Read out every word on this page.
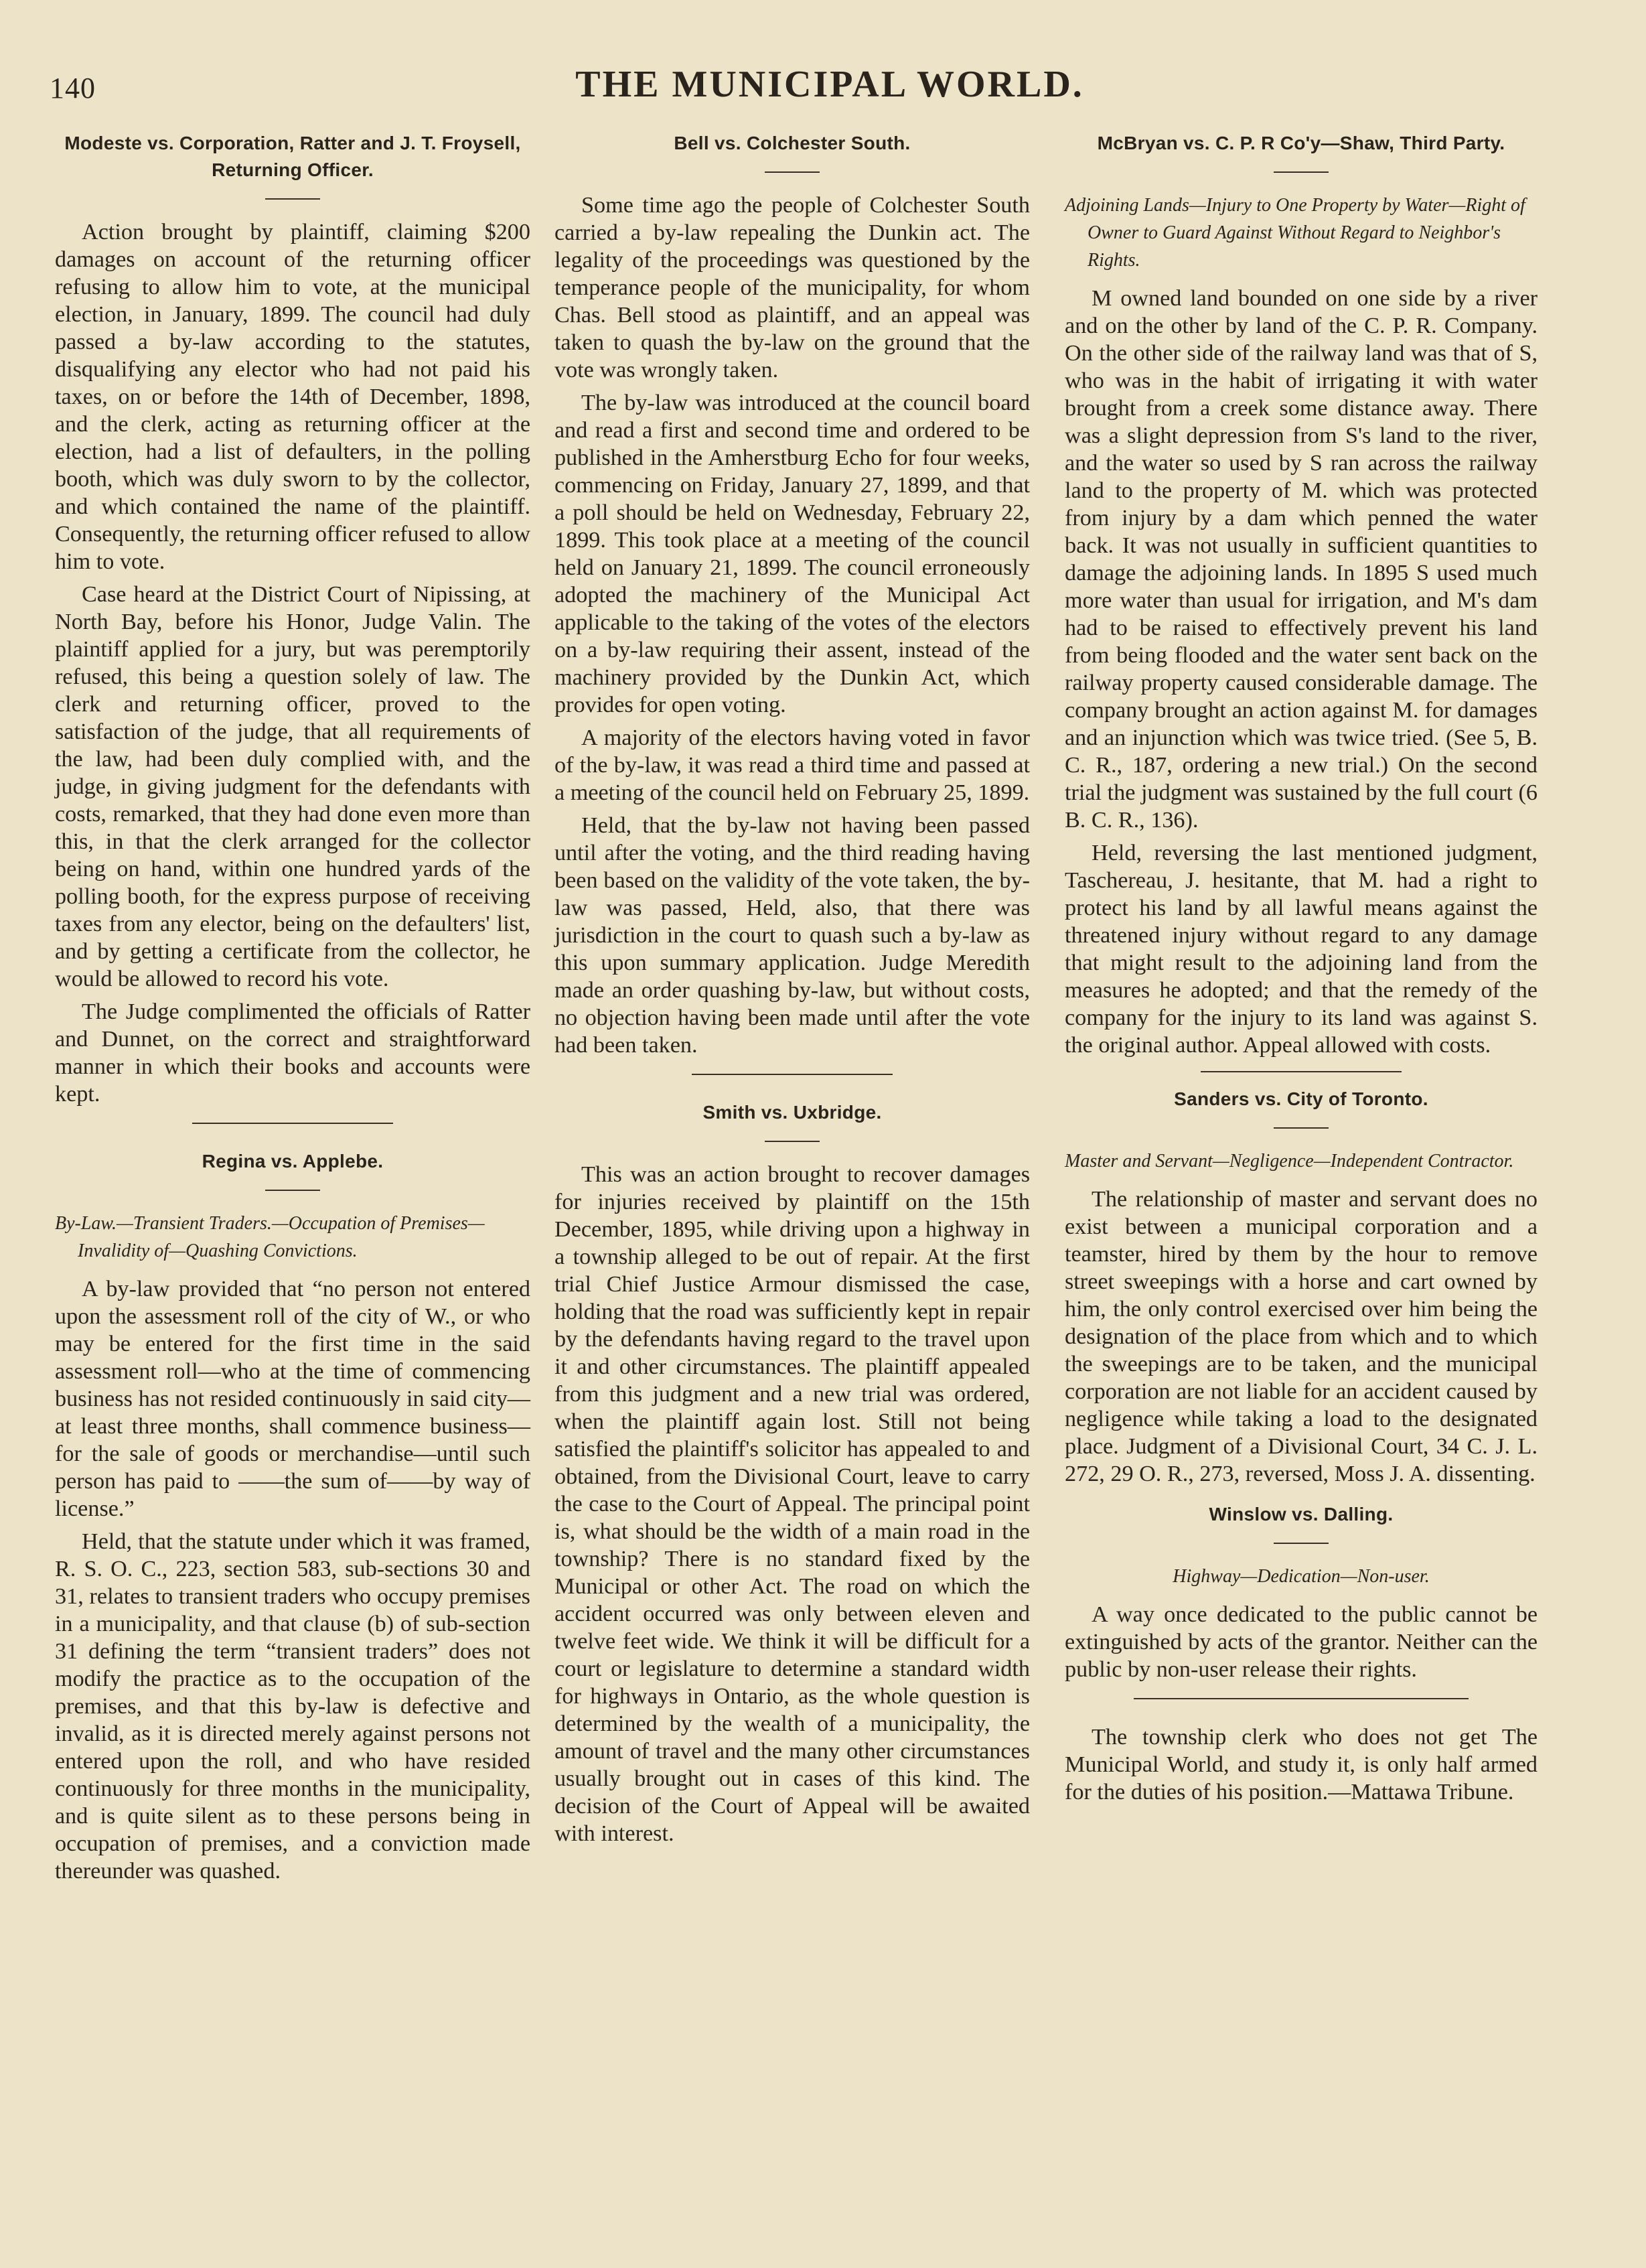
140	THE MUNICIPAL WORLD.
Modeste vs. Corporation, Ratter and J. T. Froysell, Returning Officer.

Action brought by plaintiff, claiming $200 damages on account of the returning officer refusing to allow him to vote, at the municipal election, in January, 1899. The council had duly passed a by-law according to the statutes, disqualifying any elector who had not paid his taxes, on or before the 14th of December, 1898, and the clerk, acting as returning officer at the election, had a list of defaulters, in the polling booth, which was duly sworn to by the collector, and which contained the name of the plaintiff. Consequently, the returning officer refused to allow him to vote.

Case heard at the District Court of Nipissing, at North Bay, before his Honor, Judge Valin. The plaintiff applied for a jury, but was peremptorily refused, this being a question solely of law. The clerk and returning officer, proved to the satisfaction of the judge, that all requirements of the law, had been duly complied with, and the judge, in giving judgment for the defendants with costs, remarked, that they had done even more than this, in that the clerk arranged for the collector being on hand, within one hundred yards of the polling booth, for the express purpose of receiving taxes from any elector, being on the defaulters' list, and by getting a certificate from the collector, he would be allowed to record his vote.

The Judge complimented the officials of Ratter and Dunnet, on the correct and straightforward manner in which their books and accounts were kept.

Regina vs. Applebe.
By-Law.—Transient Traders.—Occupation of Premises—Invalidity of—Quashing Convictions.

A by-law provided that “no person not entered upon the assessment roll of the city of W., or who may be entered for the first time in the said assessment roll—who at the time of commencing business has not resided continuously in said city—at least three months, shall commence business—for the sale of goods or merchandise—until such person has paid to ——the sum of——by way of license.”

Held, that the statute under which it was framed, R. S. O. C., 223, section 583, sub-sections 30 and 31, relates to transient traders who occupy premises in a municipality, and that clause (b) of sub-section 31 defining the term “transient traders” does not modify the practice as to the occupation of the premises, and that this by-law is defective and invalid, as it is directed merely against persons not entered upon the roll, and who have resided continuously for three months in the municipality, and is quite silent as to these persons being in occupation of premises, and a conviction made thereunder was quashed.

Bell vs. Colchester South.

Some time ago the people of Colchester South carried a by-law repealing the Dunkin act. The legality of the proceedings was questioned by the temperance people of the municipality, for whom Chas. Bell stood as plaintiff, and an appeal was taken to quash the by-law on the ground that the vote was wrongly taken.

The by-law was introduced at the council board and read a first and second time and ordered to be published in the Amherstburg Echo for four weeks, commencing on Friday, January 27, 1899, and that a poll should be held on Wednesday, February 22, 1899. This took place at a meeting of the council held on January 21, 1899. The council erroneously adopted the machinery of the Municipal Act applicable to the taking of the votes of the electors on a by-law requiring their assent, instead of the machinery provided by the Dunkin Act, which provides for open voting.

A majority of the electors having voted in favor of the by-law, it was read a third time and passed at a meeting of the council held on February 25, 1899.

Held, that the by-law not having been passed until after the voting, and the third reading having been based on the validity of the vote taken, the by-law was passed, Held, also, that there was jurisdiction in the court to quash such a by-law as this upon summary application. Judge Meredith made an order quashing by-law, but without costs, no objection having been made until after the vote had been taken.

Smith vs. Uxbridge.

This was an action brought to recover damages for injuries received by plaintiff on the 15th December, 1895, while driving upon a highway in a township alleged to be out of repair. At the first trial Chief Justice Armour dismissed the case, holding that the road was sufficiently kept in repair by the defendants having regard to the travel upon it and other circumstances. The plaintiff appealed from this judgment and a new trial was ordered, when the plaintiff again lost. Still not being satisfied the plaintiff's solicitor has appealed to and obtained, from the Divisional Court, leave to carry the case to the Court of Appeal. The principal point is, what should be the width of a main road in the township? There is no standard fixed by the Municipal or other Act. The road on which the accident occurred was only between eleven and twelve feet wide. We think it will be difficult for a court or legislature to determine a standard width for highways in Ontario, as the whole question is determined by the wealth of a municipality, the amount of travel and the many other circumstances usually brought out in cases of this kind. The decision of the Court of Appeal will be awaited with interest.

McBryan vs. C. P. R Co'y—Shaw, Third Party.
Adjoining Lands—Injury to One Property by Water—Right of Owner to Guard Against Without Regard to Neighbor's Rights.

M owned land bounded on one side by a river and on the other by land of the C. P. R. Company. On the other side of the railway land was that of S, who was in the habit of irrigating it with water brought from a creek some distance away. There was a slight depression from S's land to the river, and the water so used by S ran across the railway land to the property of M. which was protected from injury by a dam which penned the water back. It was not usually in sufficient quantities to damage the adjoining lands. In 1895 S used much more water than usual for irrigation, and M's dam had to be raised to effectively prevent his land from being flooded and the water sent back on the railway property caused considerable damage. The company brought an action against M. for damages and an injunction which was twice tried. (See 5, B. C. R., 187, ordering a new trial.) On the second trial the judgment was sustained by the full court (6 B. C. R., 136).

Held, reversing the last mentioned judgment, Taschereau, J. hesitante, that M. had a right to protect his land by all lawful means against the threatened injury without regard to any damage that might result to the adjoining land from the measures he adopted; and that the remedy of the company for the injury to its land was against S. the original author. Appeal allowed with costs.

Sanders vs. City of Toronto.
Master and Servant—Negligence—Independent Contractor.

The relationship of master and servant does no exist between a municipal corporation and a teamster, hired by them by the hour to remove street sweepings with a horse and cart owned by him, the only control exercised over him being the designation of the place from which and to which the sweepings are to be taken, and the municipal corporation are not liable for an accident caused by negligence while taking a load to the designated place. Judgment of a Divisional Court, 34 C. J. L. 272, 29 O. R., 273, reversed, Moss J. A. dissenting.

Winslow vs. Dalling.
Highway—Dedication—Non-user.

A way once dedicated to the public cannot be extinguished by acts of the grantor. Neither can the public by non-user release their rights.

The township clerk who does not get The Municipal World, and study it, is only half armed for the duties of his position.—Mattawa Tribune.
